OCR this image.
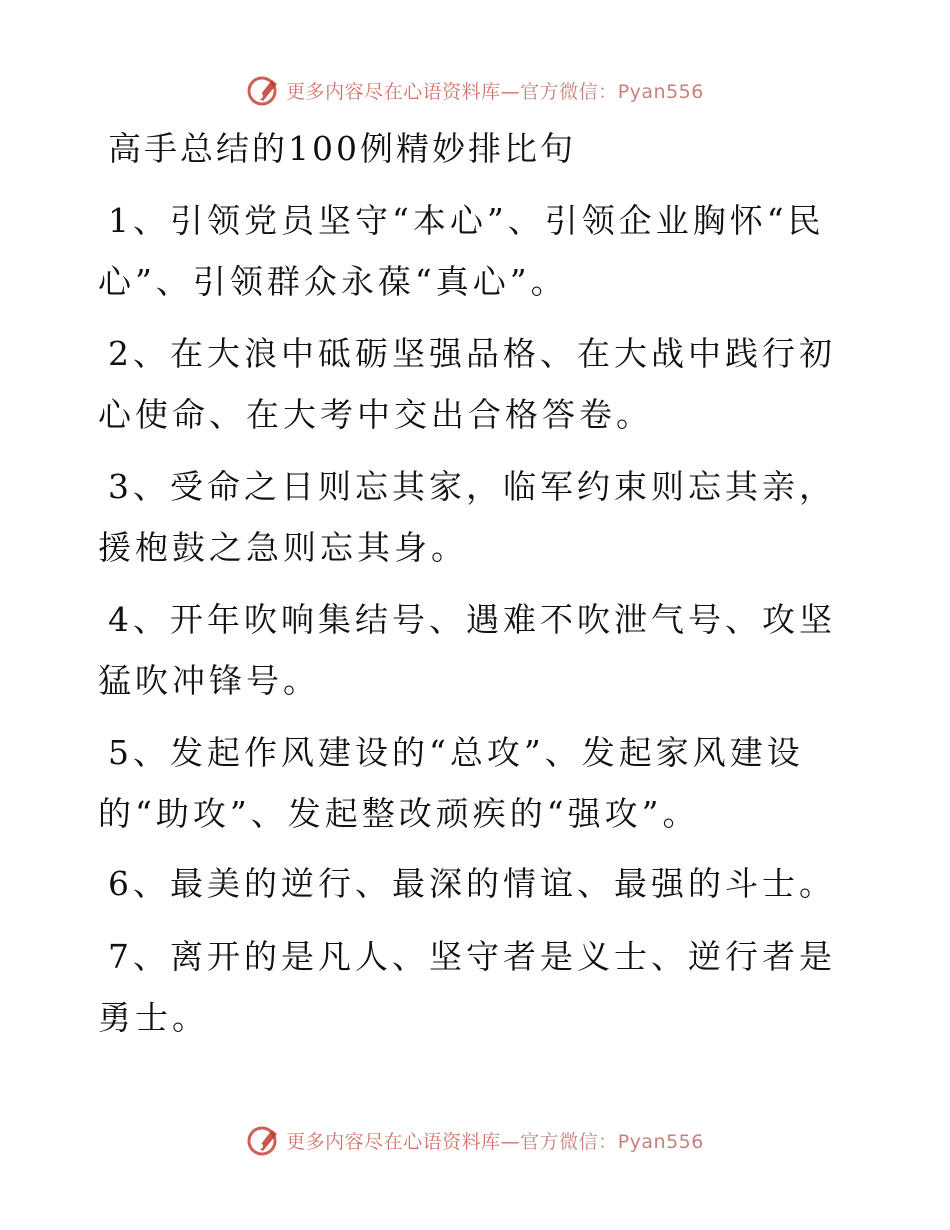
更多内容尽在心语资料库—官方微信：Pyan556
高手总结的100例精妙排比句
1、引领党员坚守“本心”、引领企业胸怀“民心”、引领群众永葆“真心”。
2、在大浪中砥砺坚强品格、在大战中践行初心使命、在大考中交出合格答卷。
3、受命之日则忘其家，临军约束则忘其亲，援枹鼓之急则忘其身。
4、开年吹响集结号、遇难不吹泄气号、攻坚猛吹冲锋号。
5、发起作风建设的“总攻”、发起家风建设的“助攻”、发起整改顽疾的“强攻”。
6、最美的逆行、最深的情谊、最强的斗士。
7、离开的是凡人、坚守者是义士、逆行者是勇士。
更多内容尽在心语资料库—官方微信：Pyan556
